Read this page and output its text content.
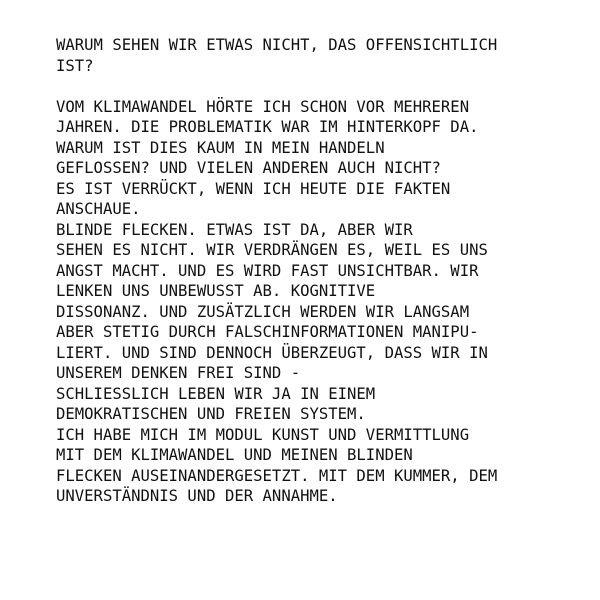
WARUM SEHEN WIR ETWAS NICHT, DAS OFFENSICHTLICH
IST?
VOM KLIMAWANDEL HÖRTE ICH SCHON VOR MEHREREN
JAHREN. DIE PROBLEMATIK WAR IM HINTERKOPF DA.
WARUM IST DIES KAUM IN MEIN HANDELN
GEFLOSSEN? UND VIELEN ANDEREN AUCH NICHT?
ES IST VERRÜCKT, WENN ICH HEUTE DIE FAKTEN
ANSCHAUE.
BLINDE FLECKEN. ETWAS IST DA, ABER WIR
SEHEN ES NICHT. WIR VERDRÄNGEN ES, WEIL ES UNS
ANGST MACHT. UND ES WIRD FAST UNSICHTBAR. WIR
LENKEN UNS UNBEWUSST AB. KOGNITIVE
DISSONANZ. UND ZUSÄTZLICH WERDEN WIR LANGSAM
ABER STETIG DURCH FALSCHINFORMATIONEN MANIPU-
LIERT. UND SIND DENNOCH ÜBERZEUGT, DASS WIR IN
UNSEREM DENKEN FREI SIND -
SCHLIESSLICH LEBEN WIR JA IN EINEM
DEMOKRATISCHEN UND FREIEN SYSTEM.
ICH HABE MICH IM MODUL KUNST UND VERMITTLUNG
MIT DEM KLIMAWANDEL UND MEINEN BLINDEN
FLECKEN AUSEINANDERGESETZT. MIT DEM KUMMER, DEM
UNVERSTÄNDNIS UND DER ANNAHME.
